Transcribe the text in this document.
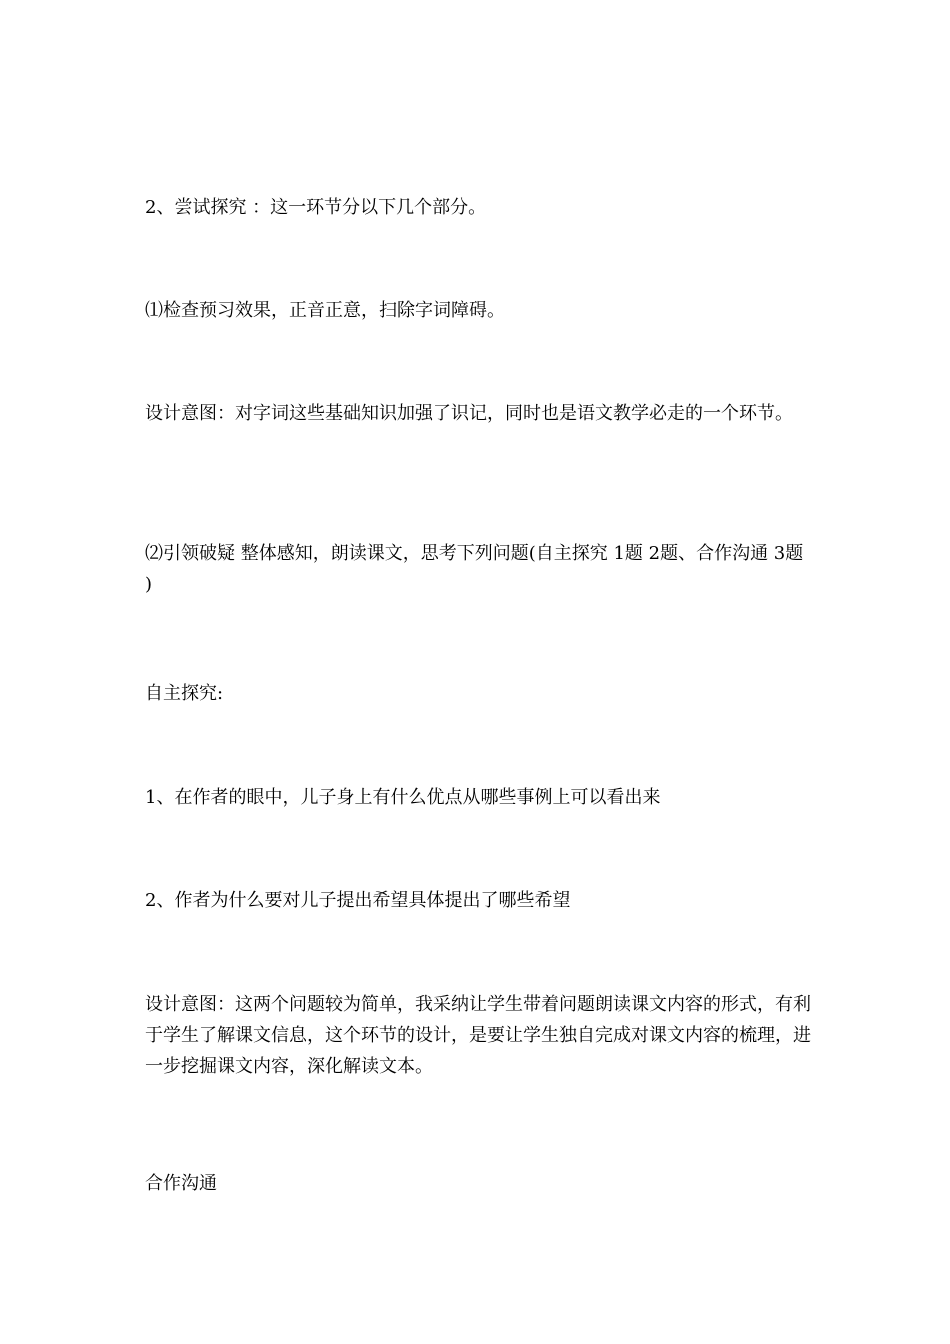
2、尝试探究 ：这一环节分以下几个部分。

⑴检查预习效果，正音正意，扫除字词障碍。

设计意图：对字词这些基础知识加强了识记，同时也是语文教学必走的一个环节。

⑵引领破疑 整体感知，朗读课文，思考下列问题(自主探究 1题 2题、合作沟通 3题 )

自主探究:

1、在作者的眼中，儿子身上有什么优点从哪些事例上可以看出来

2、作者为什么要对儿子提出希望具体提出了哪些希望

设计意图：这两个问题较为简单，我采纳让学生带着问题朗读课文内容的形式，有利于学生了解课文信息，这个环节的设计，是要让学生独自完成对课文内容的梳理，进一步挖掘课文内容，深化解读文本。

合作沟通
